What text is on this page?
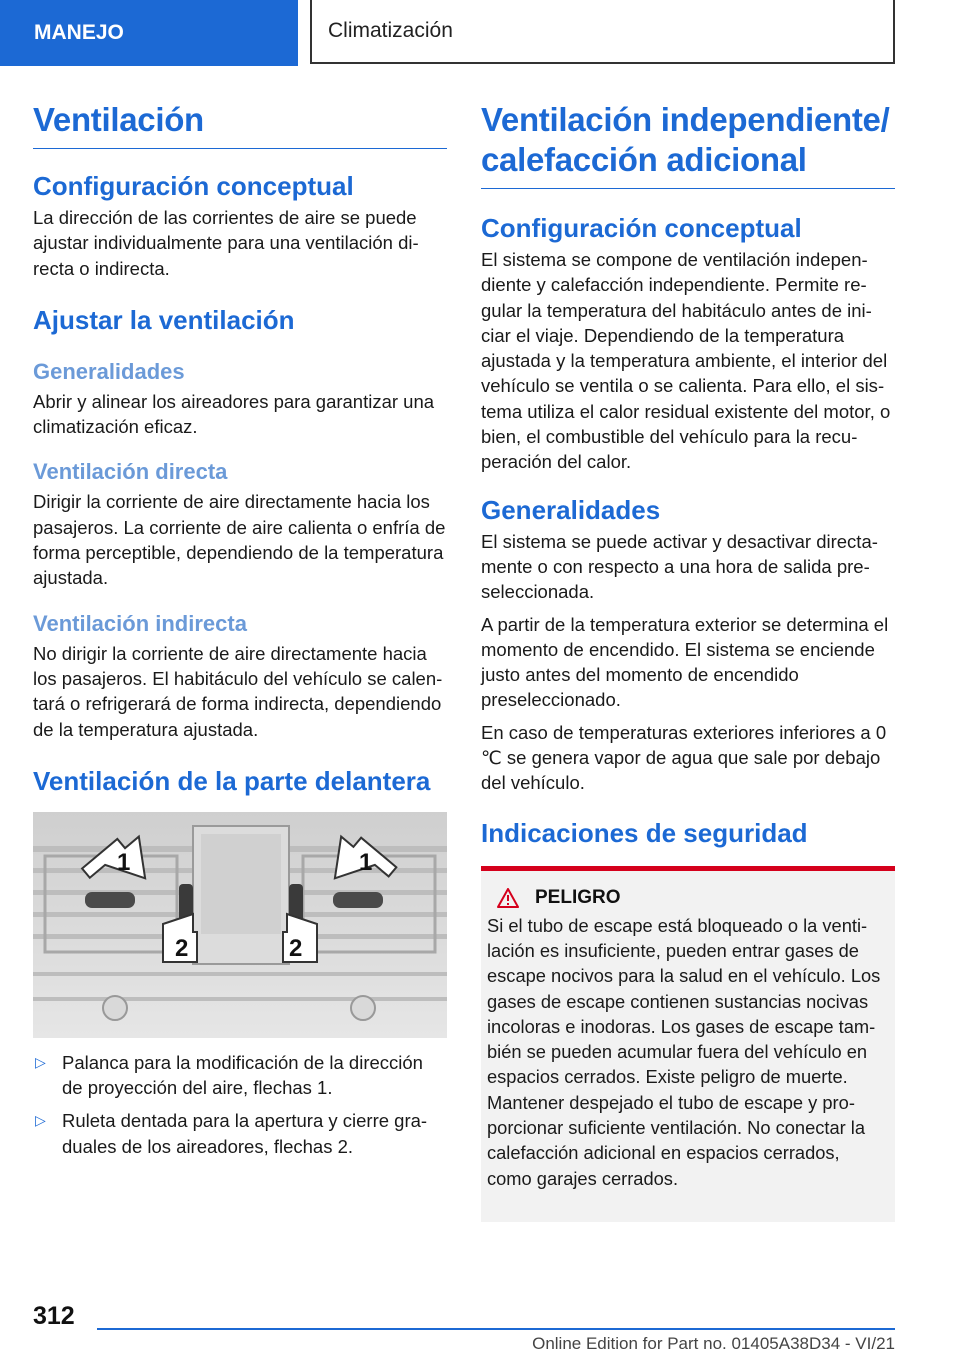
MANEJO	Climatización
Ventilación
Configuración conceptual

La dirección de las corrientes de aire se puede ajustar individualmente para una ventilación directa o indirecta.

Ajustar la ventilación
Generalidades

Abrir y alinear los aireadores para garantizar una climatización eficaz.

Ventilación directa

Dirigir la corriente de aire directamente hacia los pasajeros. La corriente de aire calienta o enfría de forma perceptible, dependiendo de la temperatura ajustada.

Ventilación indirecta

No dirigir la corriente de aire directamente hacia los pasajeros. El habitáculo del vehículo se calentará o refrigerará de forma indirecta, dependiendo de la temperatura ajustada.

Ventilación de la parte delantera
1	1
2	2
▷ Palanca para la modificación de la dirección de proyección del aire, flechas 1.
▷ Ruleta dentada para la apertura y cierre graduales de los aireadores, flechas 2.
Ventilación independiente/ calefacción adicional
Configuración conceptual

El sistema se compone de ventilación independiente y calefacción independiente. Permite regular la temperatura del habitáculo antes de iniciar el viaje. Dependiendo de la temperatura ajustada y la temperatura ambiente, el interior del vehículo se ventila o se calienta. Para ello, el sistema utiliza el calor residual existente del motor, o bien, el combustible del vehículo para la recuperación del calor.

Generalidades

El sistema se puede activar y desactivar directamente o con respecto a una hora de salida preseleccionada.

A partir de la temperatura exterior se determina el momento de encendido. El sistema se enciende justo antes del momento de encendido preseleccionado.

En caso de temperaturas exteriores inferiores a 0 ℃ se genera vapor de agua que sale por debajo del vehículo.

Indicaciones de seguridad
PELIGRO

Si el tubo de escape está bloqueado o la ventilación es insuficiente, pueden entrar gases de escape nocivos para la salud en el vehículo. Los gases de escape contienen sustancias nocivas incoloras e inodoras. Los gases de escape también se pueden acumular fuera del vehículo en espacios cerrados. Existe peligro de muerte. Mantener despejado el tubo de escape y proporcionar suficiente ventilación. No conectar la calefacción adicional en espacios cerrados, como garajes cerrados.

312
Online Edition for Part no. 01405A38D34 - VI/21
